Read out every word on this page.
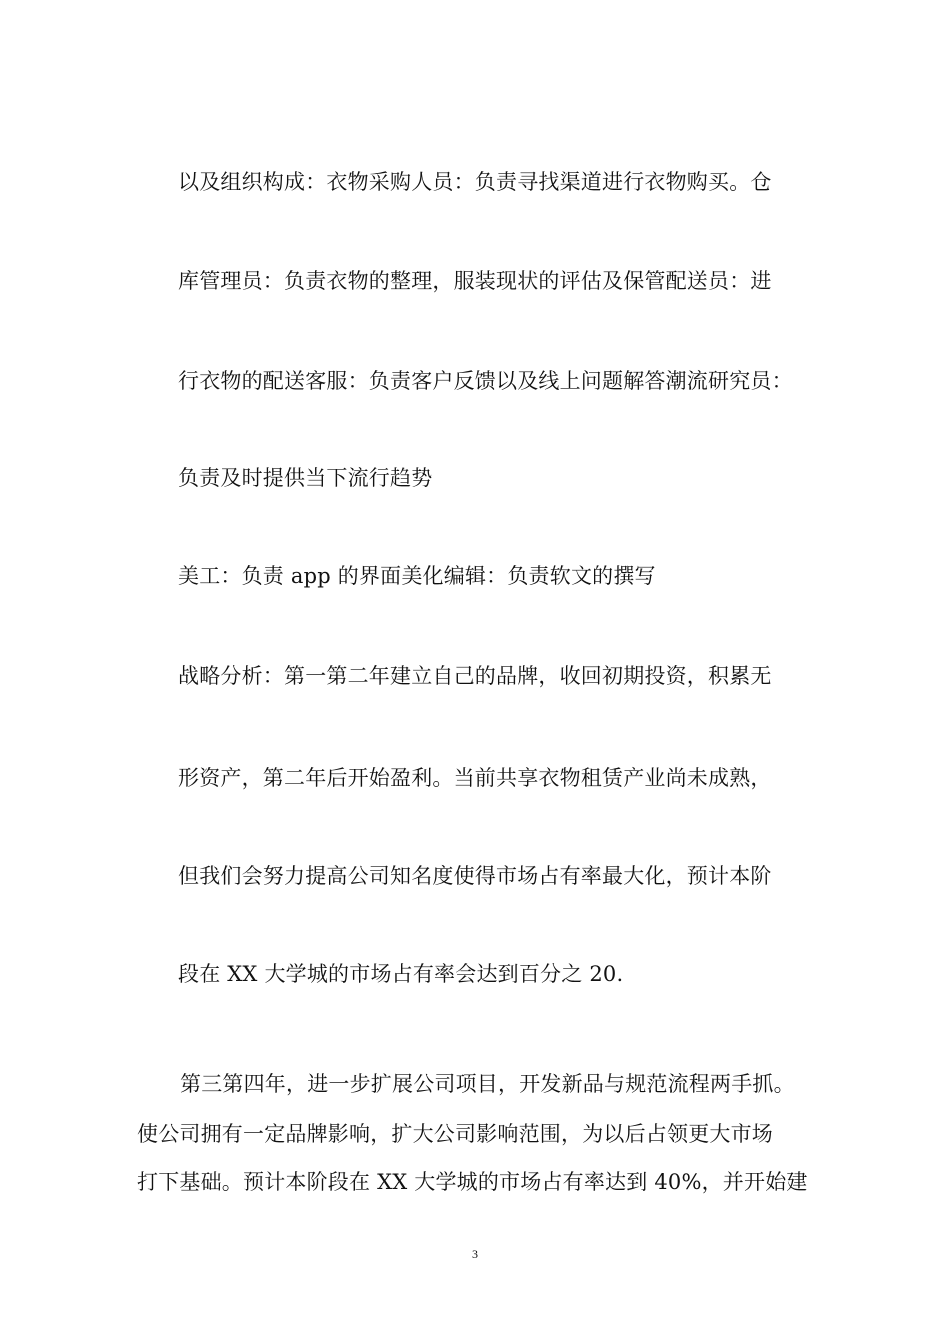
以及组织构成：衣物采购人员：负责寻找渠道进行衣物购买。仓
库管理员：负责衣物的整理，服装现状的评估及保管配送员：进
行衣物的配送客服：负责客户反馈以及线上问题解答潮流研究员：
负责及时提供当下流行趋势
美工：负责 app 的界面美化编辑：负责软文的撰写
战略分析：第一第二年建立自己的品牌，收回初期投资，积累无
形资产，第二年后开始盈利。当前共享衣物租赁产业尚未成熟，
但我们会努力提高公司知名度使得市场占有率最大化，预计本阶
段在 XX 大学城的市场占有率会达到百分之 20.
第三第四年，进一步扩展公司项目，开发新品与规范流程两手抓。
使公司拥有一定品牌影响，扩大公司影响范围，为以后占领更大市场
打下基础。预计本阶段在 XX 大学城的市场占有率达到 40%，并开始建
3
